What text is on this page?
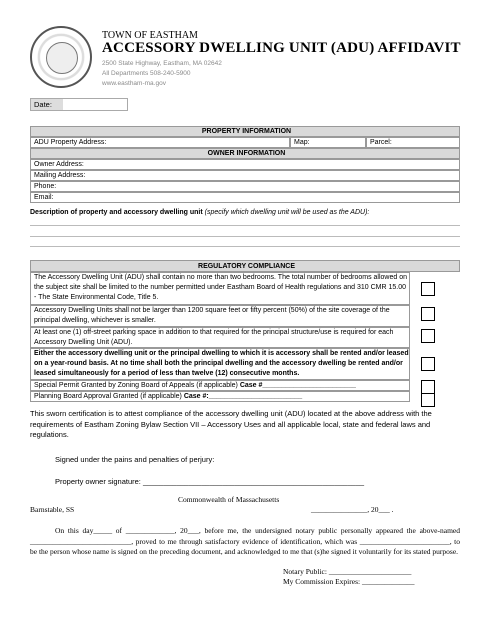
TOWN OF EASTHAM
ACCESSORY DWELLING UNIT (ADU) AFFIDAVIT
2500 State Highway, Eastham, MA 02642
All Departments 508-240-5900
www.eastham-ma.gov
Date:
PROPERTY INFORMATION
ADU Property Address:	Map:	Parcel:
OWNER INFORMATION
Owner Address:
Mailing Address:
Phone:
Email:
Description of property and accessory dwelling unit (specify which dwelling unit will be used as the ADU):
REGULATORY COMPLIANCE
The Accessory Dwelling Unit (ADU) shall contain no more than two bedrooms. The total number of bedrooms allowed on the subject site shall be limited to the number permitted under Eastham Board of Health regulations and 310 CMR 15.00 - The State Environmental Code, Title 5.
Accessory Dwelling Units shall not be larger than 1200 square feet or fifty percent (50%) of the site coverage of the principal dwelling, whichever is smaller.
At least one (1) off-street parking space in addition to that required for the principal structure/use is required for each Accessory Dwelling Unit (ADU).
Either the accessory dwelling unit or the principal dwelling to which it is accessory shall be rented and/or leased on a year-round basis. At no time shall both the principal dwelling and the accessory dwelling be rented and/or leased simultaneously for a period of less than twelve (12) consecutive months.
Special Permit Granted by Zoning Board of Appeals (if applicable) Case #________________________
Planning Board Approval Granted (if applicable) Case #:________________________
This sworn certification is to attest compliance of the accessory dwelling unit (ADU) located at the above address with the requirements of Eastham Zoning Bylaw Section VII – Accessory Uses and all applicable local, state and federal laws and regulations.
Signed under the pains and penalties of perjury:
Property owner signature: _____________________________________________________
Commonwealth of Massachusetts
Barnstable, SS	_______________, 20___ .
On this day_____ of _____________, 20___, before me, the undersigned notary public personally appeared the above-named ___________________________, proved to me through satisfactory evidence of identification, which was ________________________, to be the person whose name is signed on the preceding document, and acknowledged to me that (s)he signed it voluntarily for its stated purpose.
Notary Public: ______________________
My Commission Expires: ______________
